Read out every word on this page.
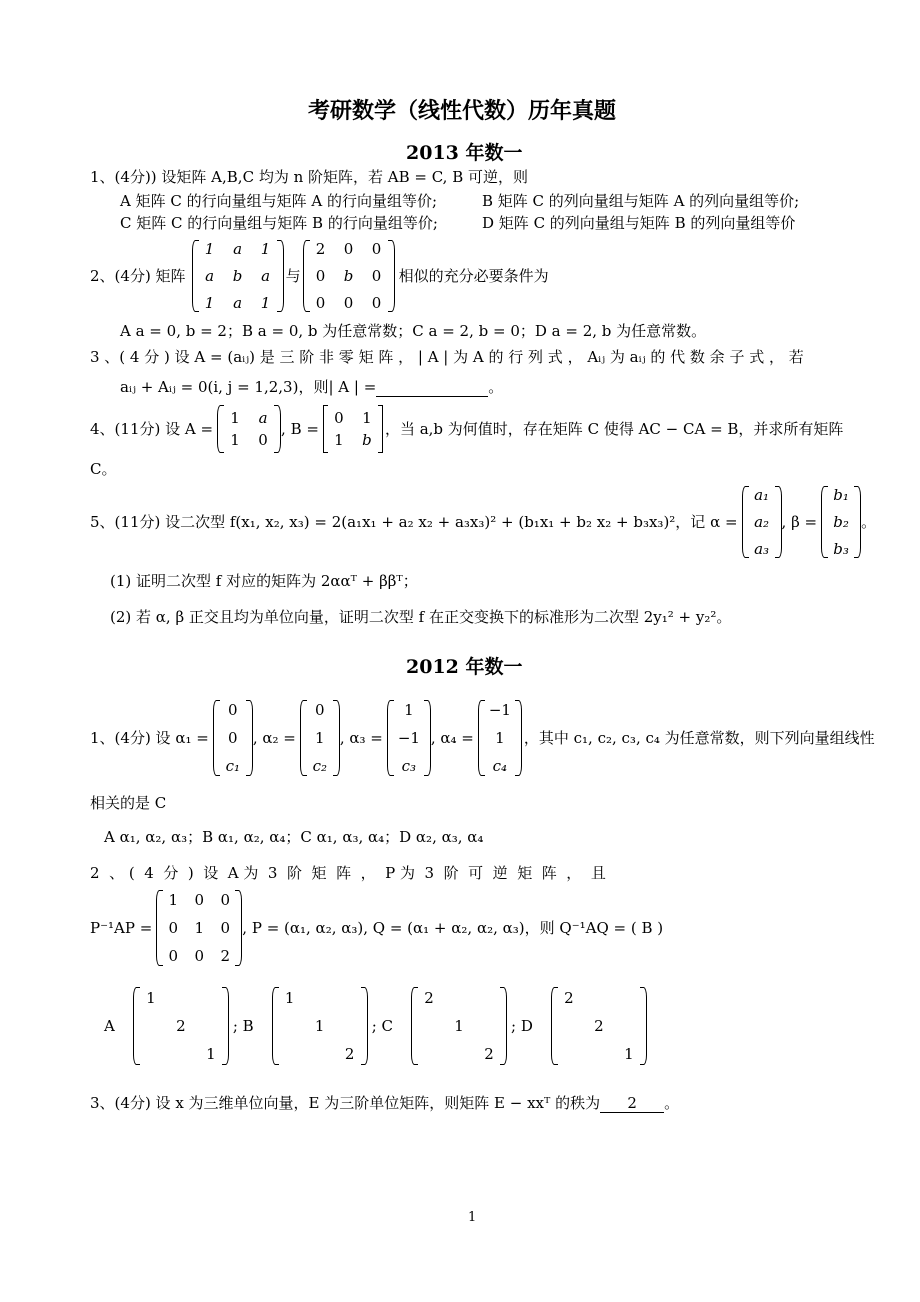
考研数学（线性代数）历年真题
2013 年数一
1、(4分)) 设矩阵 A,B,C 均为 n 阶矩阵，若 AB = C, B 可逆，则
A 矩阵 C 的行向量组与矩阵 A 的行向量组等价;	B 矩阵 C 的列向量组与矩阵 A 的列向量组等价;
C 矩阵 C 的行向量组与矩阵 B 的行向量组等价;	D 矩阵 C 的列向量组与矩阵 B 的列向量组等价
2、(4分) 矩阵
1 a 1
a b a
1 a 1
与
2 0 0
0 b 0
0 0 0
相似的充分必要条件为
A a = 0, b = 2；B a = 0, b 为任意常数；C a = 2, b = 0；D a = 2, b 为任意常数。
3 、( 4 分 ) 设 A = (aᵢⱼ) 是 三 阶 非 零 矩 阵 ， | A | 为 A 的 行 列 式 ， Aᵢⱼ 为 aᵢⱼ 的 代 数 余 子 式 ， 若
aᵢⱼ + Aᵢⱼ = 0(i, j = 1,2,3)，则| A | =	。
4、(11分) 设 A =
1 a
1 0
, B =
0 1
1 b
，当 a,b 为何值时，存在矩阵 C 使得 AC − CA = B，并求所有矩阵
C。
5、(11分) 设二次型 f(x₁, x₂, x₃) = 2(a₁x₁ + a₂ x₂ + a₃x₃)² + (b₁x₁ + b₂ x₂ + b₃x₃)²，记 α =
a₁
a₂
a₃
, β =
b₁
b₂
b₃
。
(1) 证明二次型 f 对应的矩阵为 2ααᵀ + ββᵀ；
(2) 若 α, β 正交且均为单位向量，证明二次型 f 在正交变换下的标准形为二次型 2y₁² + y₂²。
2012 年数一
1、(4分) 设 α₁ =
0
0
c₁
, α₂ =
0
1
c₂
, α₃ =
1
−1
c₃
, α₄ =
−1
1
c₄
，其中 c₁, c₂, c₃, c₄ 为任意常数，则下列向量组线性
相关的是 C
A α₁, α₂, α₃；B α₁, α₂, α₄；C α₁, α₃, α₄；D α₂, α₃, α₄
2  、 (  4  分  )  设  A 为  3  阶  矩  阵  ，  P 为  3  阶  可  逆  矩  阵  ，  且
P⁻¹AP =
1 0 0
0 1 0
0 0 2
, P = (α₁, α₂, α₃), Q = (α₁ + α₂, α₂, α₃)，则 Q⁻¹AQ = ( B )
A
1
2
1
; B
1
1
2
; C
2
1
2
; D
2
2
1
3、(4分) 设 x 为三维单位向量，E 为三阶单位矩阵，则矩阵 E − xxᵀ 的秩为 2 。
1
